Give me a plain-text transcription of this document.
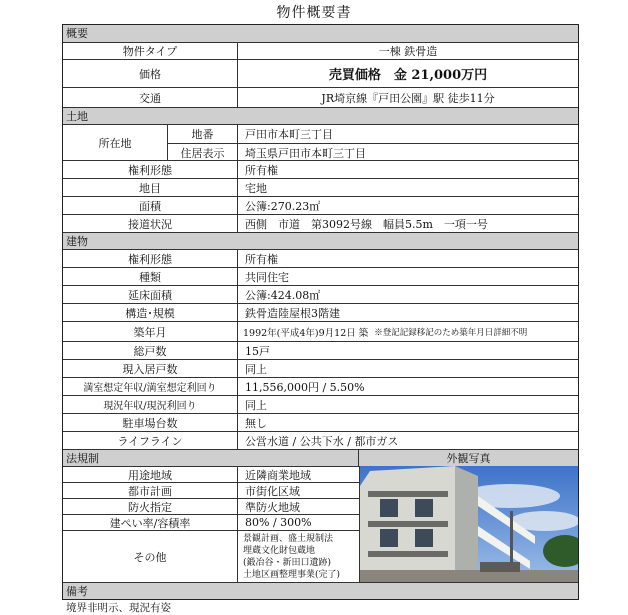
物件概要書
概要
物件タイプ	一棟 鉄骨造
価格	売買価格　金 21,000万円
交通	JR埼京線『戸田公園』駅 徒歩11分
土地
所在地
地番	戸田市本町三丁目
住居表示	埼玉県戸田市本町三丁目
権利形態	所有権
地目	宅地
面積	公簿:270.23㎡
接道状況	西側　市道　第3092号線　幅員5.5m　一項一号
建物
権利形態	所有権
種類	共同住宅
延床面積	公簿:424.08㎡
構造･規模	鉄骨造陸屋根3階建
築年月	1992年(平成4年)9月12日 築 ※登記記録移記のため築年月日詳細不明
総戸数	15戸
現入居戸数	同上
満室想定年収/満室想定利回り	11,556,000円 / 5.50%
現況年収/現況利回り	同上
駐車場台数	無し
ライフライン	公営水道 / 公共下水 / 都市ガス
法規制	外観写真
用途地域	近隣商業地域
都市計画	市街化区域
防火指定	準防火地域
建ぺい率/容積率	80% / 300%
その他
景観計画、盛土規制法
埋蔵文化財包蔵地
(鍛冶谷・新田口遺跡)
土地区画整理事業(完了)
備考
境界非明示、現況有姿
